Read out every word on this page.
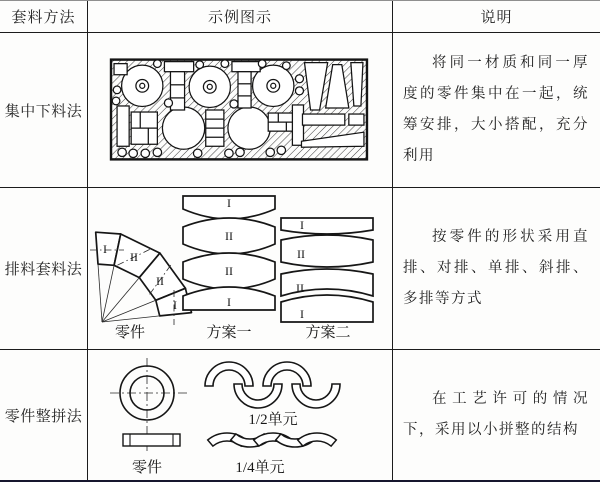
套料方法	示例图示	说明
集中下料法

将同一材质和同一厚度的零件集中在一起，统筹安排，大小搭配，充分利用

排料套料法
I
II
II
I
零件
I
II
II
I
方案一
I
II
II
I
方案二

按零件的形状采用直排、对排、单排、斜排、多排等方式

零件整拼法
零件
1/2单元
1/4单元

在工艺许可的情况下，采用以小拼整的结构
